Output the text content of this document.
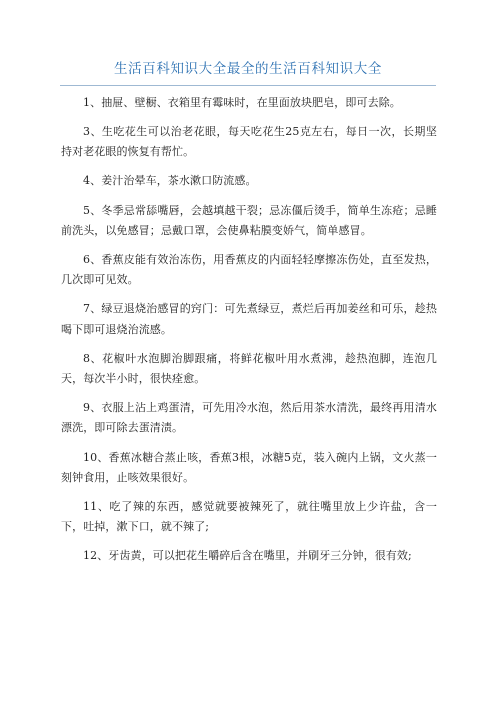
生活百科知识大全最全的生活百科知识大全

1、抽屉、壁橱、衣箱里有霉味时，在里面放块肥皂，即可去除。

3、生吃花生可以治老花眼，每天吃花生25克左右，每日一次，长期坚持对老花眼的恢复有帮忙。

4、姜汁治晕车，茶水漱口防流感。

5、冬季忌常舔嘴唇，会越填越干裂；忌冻僵后烫手，简单生冻疮；忌睡前洗头，以免感冒；忌戴口罩，会使鼻粘膜变娇气，简单感冒。

6、香蕉皮能有效治冻伤，用香蕉皮的内面轻轻摩擦冻伤处，直至发热，几次即可见效。

7、绿豆退烧治感冒的窍门：可先煮绿豆，煮烂后再加姜丝和可乐，趁热喝下即可退烧治流感。

8、花椒叶水泡脚治脚跟痛，将鲜花椒叶用水煮沸，趁热泡脚，连泡几天，每次半小时，很快痊愈。

9、衣服上沾上鸡蛋清，可先用冷水泡，然后用茶水清洗，最终再用清水漂洗，即可除去蛋清渍。

10、香蕉冰糖合蒸止咳，香蕉3根，冰糖5克，装入碗内上锅，文火蒸一刻钟食用，止咳效果很好。

11、吃了辣的东西，感觉就要被辣死了，就往嘴里放上少许盐，含一下，吐掉，漱下口，就不辣了;

12、牙齿黄，可以把花生嚼碎后含在嘴里，并刷牙三分钟，很有效;
